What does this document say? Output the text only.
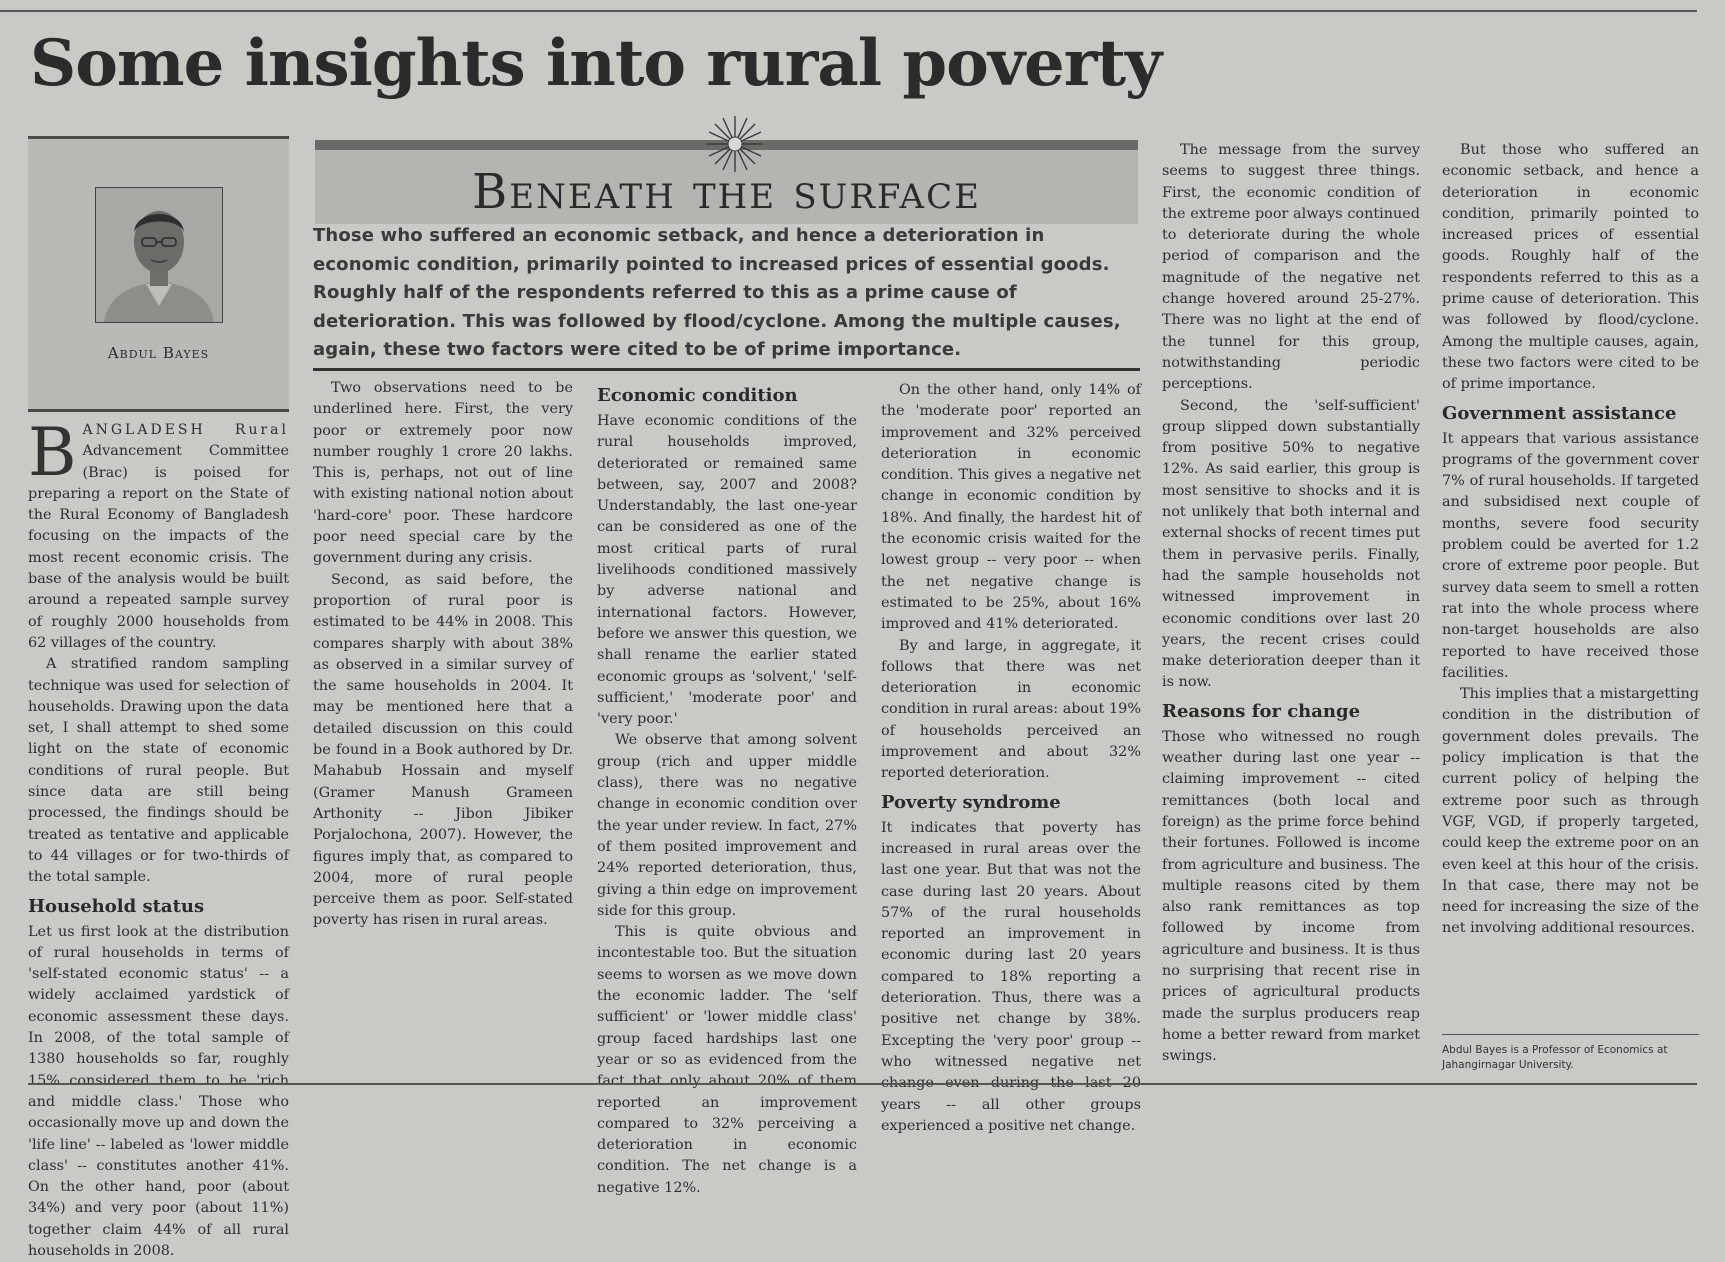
Some insights into rural poverty
Abdul Bayes
Beneath the surface

Those who suffered an economic setback, and hence a deterioration in economic condition, primarily pointed to increased prices of essential goods. Roughly half of the respondents referred to this as a prime cause of deterioration. This was followed by flood/cyclone. Among the multiple causes, again, these two factors were cited to be of prime importance.

BANGLADESH Rural Advancement Committee (Brac) is poised for preparing a report on the State of the Rural Economy of Bangladesh focusing on the impacts of the most recent economic crisis. The base of the analysis would be built around a repeated sample survey of roughly 2000 households from 62 villages of the country.

A stratified random sampling technique was used for selection of households. Drawing upon the data set, I shall attempt to shed some light on the state of economic conditions of rural people. But since data are still being processed, the findings should be treated as tentative and applicable to 44 villages or for two-thirds of the total sample.

Household status

Let us first look at the distribution of rural households in terms of 'self-stated economic status' -- a widely acclaimed yardstick of economic assessment these days. In 2008, of the total sample of 1380 households so far, roughly 15% considered them to be 'rich and middle class.' Those who occasionally move up and down the 'life line' -- labeled as 'lower middle class' -- constitutes another 41%. On the other hand, poor (about 34%) and very poor (about 11%) together claim 44% of all rural households in 2008.

Two observations need to be underlined here. First, the very poor or extremely poor now number roughly 1 crore 20 lakhs. This is, perhaps, not out of line with existing national notion about 'hard-core' poor. These hardcore poor need special care by the government during any crisis.

Second, as said before, the proportion of rural poor is estimated to be 44% in 2008. This compares sharply with about 38% as observed in a similar survey of the same households in 2004. It may be mentioned here that a detailed discussion on this could be found in a Book authored by Dr. Mahabub Hossain and myself (Gramer Manush Grameen Arthonity -- Jibon Jibiker Porjalochona, 2007). However, the figures imply that, as compared to 2004, more of rural people perceive them as poor. Self-stated poverty has risen in rural areas.

Economic condition

Have economic conditions of the rural households improved, deteriorated or remained same between, say, 2007 and 2008? Understandably, the last one-year can be considered as one of the most critical parts of rural livelihoods conditioned massively by adverse national and international factors. However, before we answer this question, we shall rename the earlier stated economic groups as 'solvent,' 'self-sufficient,' 'moderate poor' and 'very poor.'

We observe that among solvent group (rich and upper middle class), there was no negative change in economic condition over the year under review. In fact, 27% of them posited improvement and 24% reported deterioration, thus, giving a thin edge on improvement side for this group.

This is quite obvious and incontestable too. But the situation seems to worsen as we move down the economic ladder. The 'self sufficient' or 'lower middle class' group faced hardships last one year or so as evidenced from the fact that only about 20% of them reported an improvement compared to 32% perceiving a deterioration in economic condition. The net change is a negative 12%.

On the other hand, only 14% of the 'moderate poor' reported an improvement and 32% perceived deterioration in economic condition. This gives a negative net change in economic condition by 18%. And finally, the hardest hit of the economic crisis waited for the lowest group -- very poor -- when the net negative change is estimated to be 25%, about 16% improved and 41% deteriorated.

By and large, in aggregate, it follows that there was net deterioration in economic condition in rural areas: about 19% of households perceived an improvement and about 32% reported deterioration.

Poverty syndrome

It indicates that poverty has increased in rural areas over the last one year. But that was not the case during last 20 years. About 57% of the rural households reported an improvement in economic during last 20 years compared to 18% reporting a deterioration. Thus, there was a positive net change by 38%. Excepting the 'very poor' group -- who witnessed negative net change even during the last 20 years -- all other groups experienced a positive net change.

The message from the survey seems to suggest three things. First, the economic condition of the extreme poor always continued to deteriorate during the whole period of comparison and the magnitude of the negative net change hovered around 25-27%. There was no light at the end of the tunnel for this group, notwithstanding periodic perceptions.

Second, the 'self-sufficient' group slipped down substantially from positive 50% to negative 12%. As said earlier, this group is most sensitive to shocks and it is not unlikely that both internal and external shocks of recent times put them in pervasive perils. Finally, had the sample households not witnessed improvement in economic conditions over last 20 years, the recent crises could make deterioration deeper than it is now.

Reasons for change

Those who witnessed no rough weather during last one year -- claiming improvement -- cited remittances (both local and foreign) as the prime force behind their fortunes. Followed is income from agriculture and business. The multiple reasons cited by them also rank remittances as top followed by income from agriculture and business. It is thus no surprising that recent rise in prices of agricultural products made the surplus producers reap home a better reward from market swings.

But those who suffered an economic setback, and hence a deterioration in economic condition, primarily pointed to increased prices of essential goods. Roughly half of the respondents referred to this as a prime cause of deterioration. This was followed by flood/cyclone. Among the multiple causes, again, these two factors were cited to be of prime importance.

Government assistance

It appears that various assistance programs of the government cover 7% of rural households. If targeted and subsidised next couple of months, severe food security problem could be averted for 1.2 crore of extreme poor people. But survey data seem to smell a rotten rat into the whole process where non-target households are also reported to have received those facilities.

This implies that a mistargetting condition in the distribution of government doles prevails. The policy implication is that the current policy of helping the extreme poor such as through VGF, VGD, if properly targeted, could keep the extreme poor on an even keel at this hour of the crisis. In that case, there may not be need for increasing the size of the net involving additional resources.

Abdul Bayes is a Professor of Economics at Jahangirnagar University.
